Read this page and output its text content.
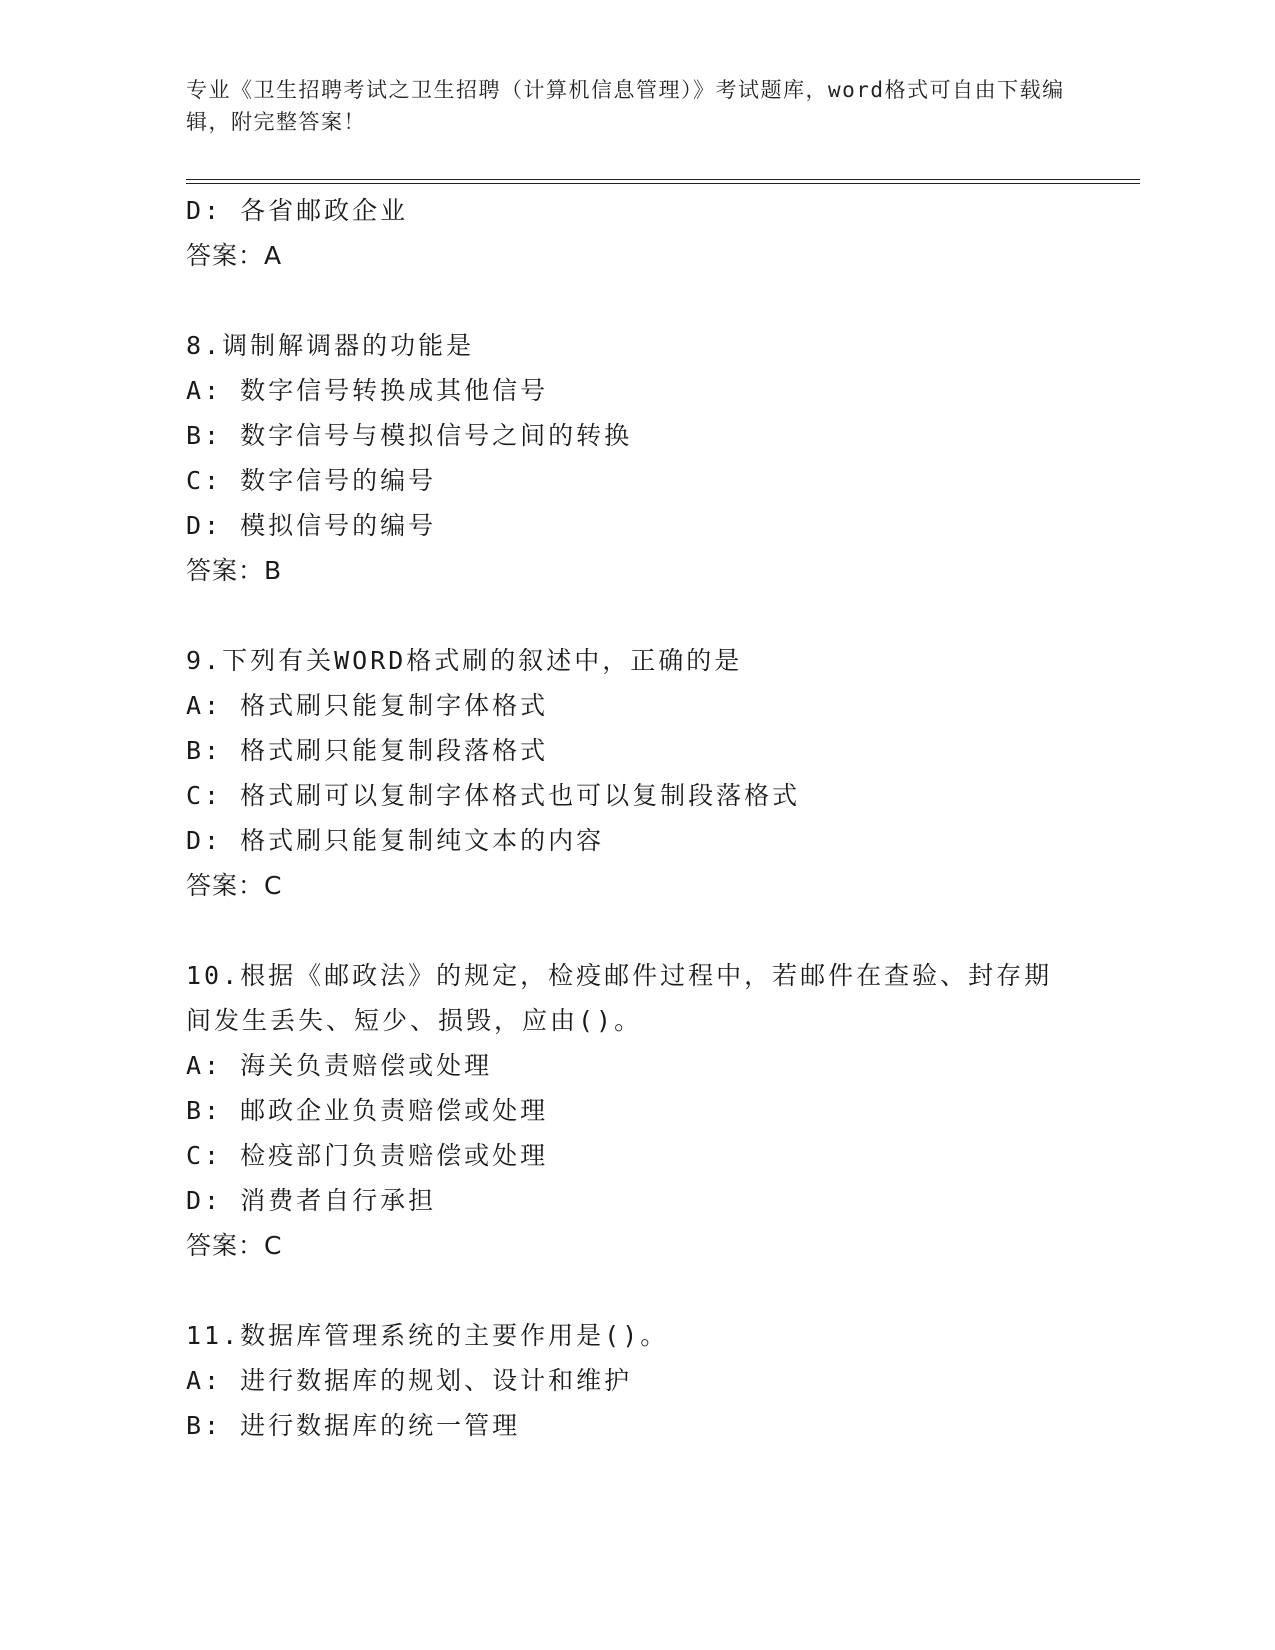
专业《卫生招聘考试之卫生招聘（计算机信息管理）》考试题库，word格式可自由下载编辑，附完整答案！

D: 各省邮政企业
答案：A
8.调制解调器的功能是
A: 数字信号转换成其他信号
B: 数字信号与模拟信号之间的转换
C: 数字信号的编号
D: 模拟信号的编号
答案：B
9.下列有关WORD格式刷的叙述中，正确的是
A: 格式刷只能复制字体格式
B: 格式刷只能复制段落格式
C: 格式刷可以复制字体格式也可以复制段落格式
D: 格式刷只能复制纯文本的内容
答案：C
10.根据《邮政法》的规定，检疫邮件过程中，若邮件在查验、封存期间发生丢失、短少、损毁，应由()。
A: 海关负责赔偿或处理
B: 邮政企业负责赔偿或处理
C: 检疫部门负责赔偿或处理
D: 消费者自行承担
答案：C
11.数据库管理系统的主要作用是()。
A: 进行数据库的规划、设计和维护
B: 进行数据库的统一管理
